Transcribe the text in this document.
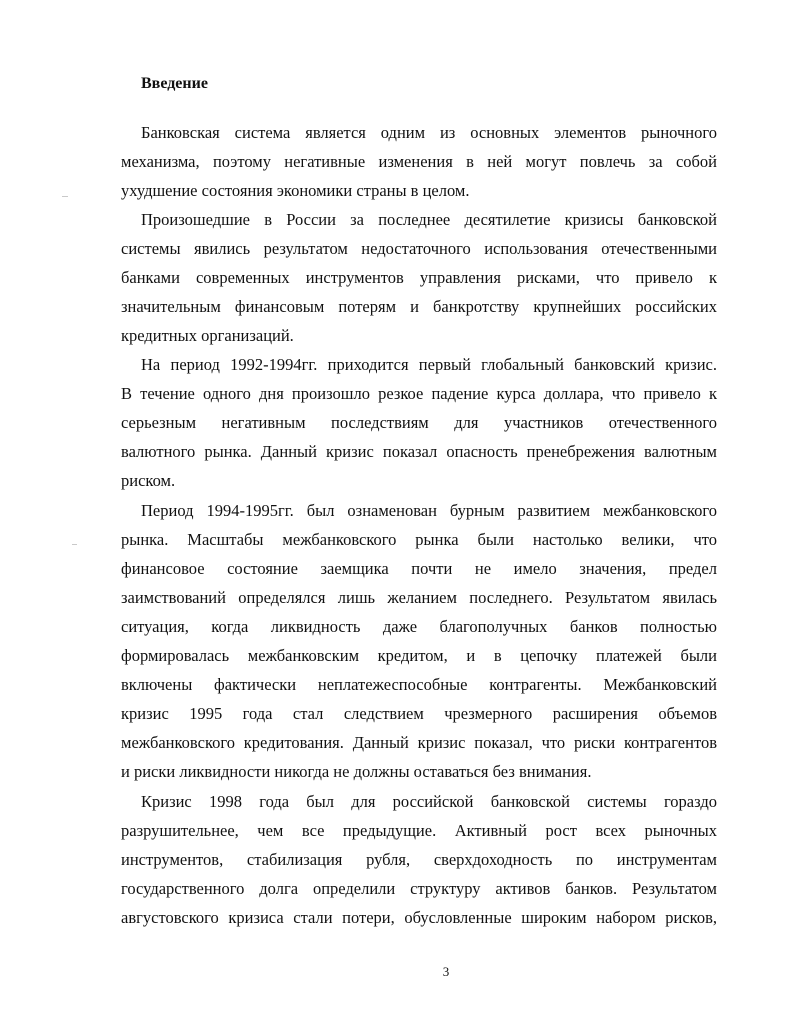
Введение
Банковская система является одним из основных элементов рыночного
механизма, поэтому негативные изменения в ней могут повлечь за собой
ухудшение состояния экономики страны в целом.
Произошедшие в России за последнее десятилетие кризисы банковской
системы явились результатом недостаточного использования отечественными
банками современных инструментов управления рисками, что привело к
значительным финансовым потерям и банкротству крупнейших российских
кредитных организаций.
На период 1992-1994гг. приходится первый глобальный банковский кризис.
В течение одного дня произошло резкое падение курса доллара, что привело к
серьезным негативным последствиям для участников отечественного
валютного рынка. Данный кризис показал опасность пренебрежения валютным
риском.
Период 1994-1995гг. был ознаменован бурным развитием межбанковского
рынка. Масштабы межбанковского рынка были настолько велики, что
финансовое состояние заемщика почти не имело значения, предел
заимствований определялся лишь желанием последнего. Результатом явилась
ситуация, когда ликвидность даже благополучных банков полностью
формировалась межбанковским кредитом, и в цепочку платежей были
включены фактически неплатежеспособные контрагенты. Межбанковский
кризис 1995 года стал следствием чрезмерного расширения объемов
межбанковского кредитования. Данный кризис показал, что риски контрагентов
и риски ликвидности никогда не должны оставаться без внимания.
Кризис 1998 года был для российской банковской системы гораздо
разрушительнее, чем все предыдущие. Активный рост всех рыночных
инструментов, стабилизация рубля, сверхдоходность по инструментам
государственного долга определили структуру активов банков. Результатом
августовского кризиса стали потери, обусловленные широким набором рисков,
3
